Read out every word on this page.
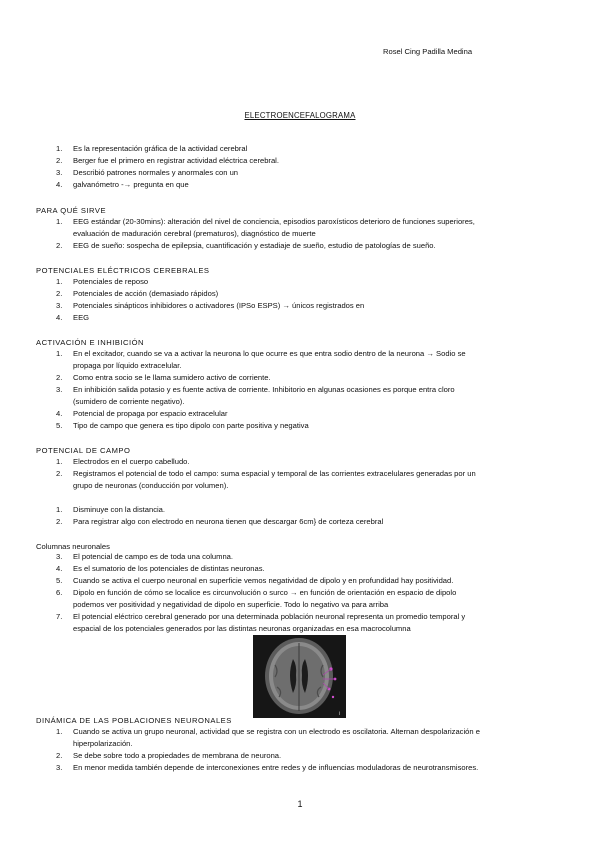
Rosel Cing Padilla Medina
ELECTROENCEFALOGRAMA
1. Es la representación gráfica de la actividad cerebral
2. Berger fue el primero en registrar actividad eléctrica cerebral.
3. Describió patrones normales y anormales con un
4. galvanómetro -→ pregunta en que
PARA QUÉ SIRVE
1. EEG estándar (20-30mins): alteración del nivel de conciencia, episodios paroxísticos deterioro de funciones superiores,
evaluación de maduración cerebral (prematuros), diagnóstico de muerte
2. EEG de sueño: sospecha de epilepsia, cuantificación y estadiaje de sueño, estudio de patologías de sueño.
POTENCIALES ELÉCTRICOS CEREBRALES
1. Potenciales de reposo
2. Potenciales de acción (demasiado rápidos)
3. Potenciales sinápticos inhibidores o activadores (IPSo ESPS) → únicos registrados en
4. EEG
ACTIVACIÓN E INHIBICIÓN
1. En el excitador, cuando se va a activar la neurona lo que ocurre es que entra sodio dentro de la neurona → Sodio se
propaga por líquido extracelular.
2. Como entra socio se le llama sumidero activo de corriente.
3. En inhibición salida potasio y es fuente activa de corriente. Inhibitorio en algunas ocasiones es porque entra cloro
(sumidero de corriente negativo).
4. Potencial de propaga por espacio extracelular
5. Tipo de campo que genera es tipo dipolo con parte positiva y negativa
POTENCIAL DE CAMPO
1. Electrodos en el cuerpo cabelludo.
2. Registramos el potencial de todo el campo: suma espacial y temporal de las corrientes extracelulares generadas por un
grupo de neuronas (conducción por volumen).
1. Disminuye con la distancia.
2. Para registrar algo con electrodo en neurona tienen que descargar 6cm} de corteza cerebral
Columnas neuronales
3. El potencial de campo es de toda una columna.
4. Es el sumatorio de los potenciales de distintas neuronas.
5. Cuando se activa el cuerpo neuronal en superficie vemos negatividad de dipolo y en profundidad hay positividad.
6. Dipolo en función de cómo se localice es circunvolución o surco → en función de orientación en espacio de dipolo
podemos ver positividad y negatividad de dipolo en superficie. Todo lo negativo va para arriba
7. El potencial eléctrico cerebral generado por una determinada población neuronal representa un promedio temporal y
espacial de los potenciales generados por las distintas neuronas organizadas en esa macrocolumna
i
DINÁMICA DE LAS POBLACIONES NEURONALES
1. Cuando se activa un grupo neuronal, actividad que se registra con un electrodo es oscilatoria. Alternan despolarización e
hiperpolarización.
2. Se debe sobre todo a propiedades de membrana de neurona.
3. En menor medida también depende de interconexiones entre redes y de influencias moduladoras de neurotransmisores.
1
